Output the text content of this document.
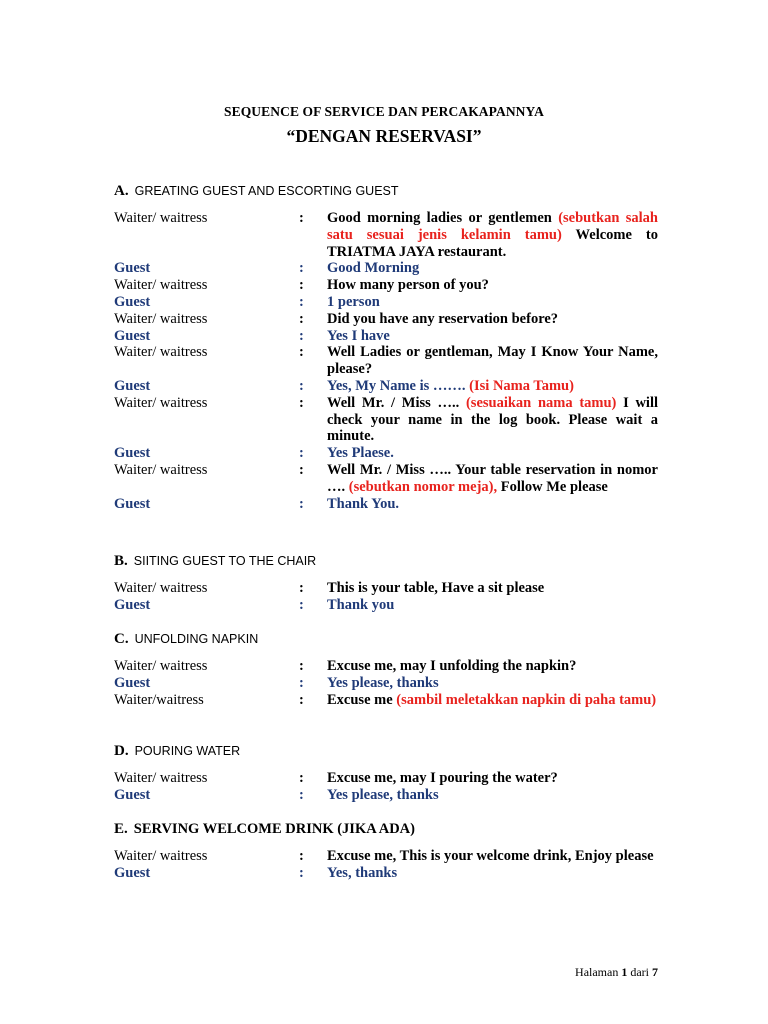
SEQUENCE OF SERVICE DAN PERCAKAPANNYA
“DENGAN RESERVASI”
A. GREATING GUEST AND ESCORTING GUEST
Waiter/ waitress	: Good morning ladies or gentlemen (sebutkan salah satu sesuai jenis kelamin tamu) Welcome to TRIATMA JAYA restaurant.
Guest	: Good Morning
Waiter/ waitress	: How many person of you?
Guest	: 1 person
Waiter/ waitress	: Did you have any reservation before?
Guest	: Yes I have
Waiter/ waitress	: Well Ladies or gentleman, May I Know Your Name, please?
Guest	: Yes, My Name is ……. (Isi Nama Tamu)
Waiter/ waitress	: Well Mr. / Miss ….. (sesuaikan nama tamu) I will check your name in the log book. Please wait a minute.
Guest	: Yes Plaese.
Waiter/ waitress	: Well Mr. / Miss ….. Your table reservation in nomor …. (sebutkan nomor meja), Follow Me please
Guest	: Thank You.
B. SIITING GUEST TO THE CHAIR
Waiter/ waitress	: This is your table, Have a sit please
Guest	: Thank you
C. UNFOLDING NAPKIN
Waiter/ waitress	: Excuse me, may I unfolding the napkin?
Guest	: Yes please, thanks
Waiter/waitress	: Excuse me (sambil meletakkan napkin di paha tamu)
D. POURING WATER
Waiter/ waitress	: Excuse me, may I pouring the water?
Guest	: Yes please, thanks
E. SERVING WELCOME DRINK (JIKA ADA)
Waiter/ waitress	: Excuse me, This is your welcome drink, Enjoy please
Guest	: Yes, thanks
Halaman 1 dari 7
